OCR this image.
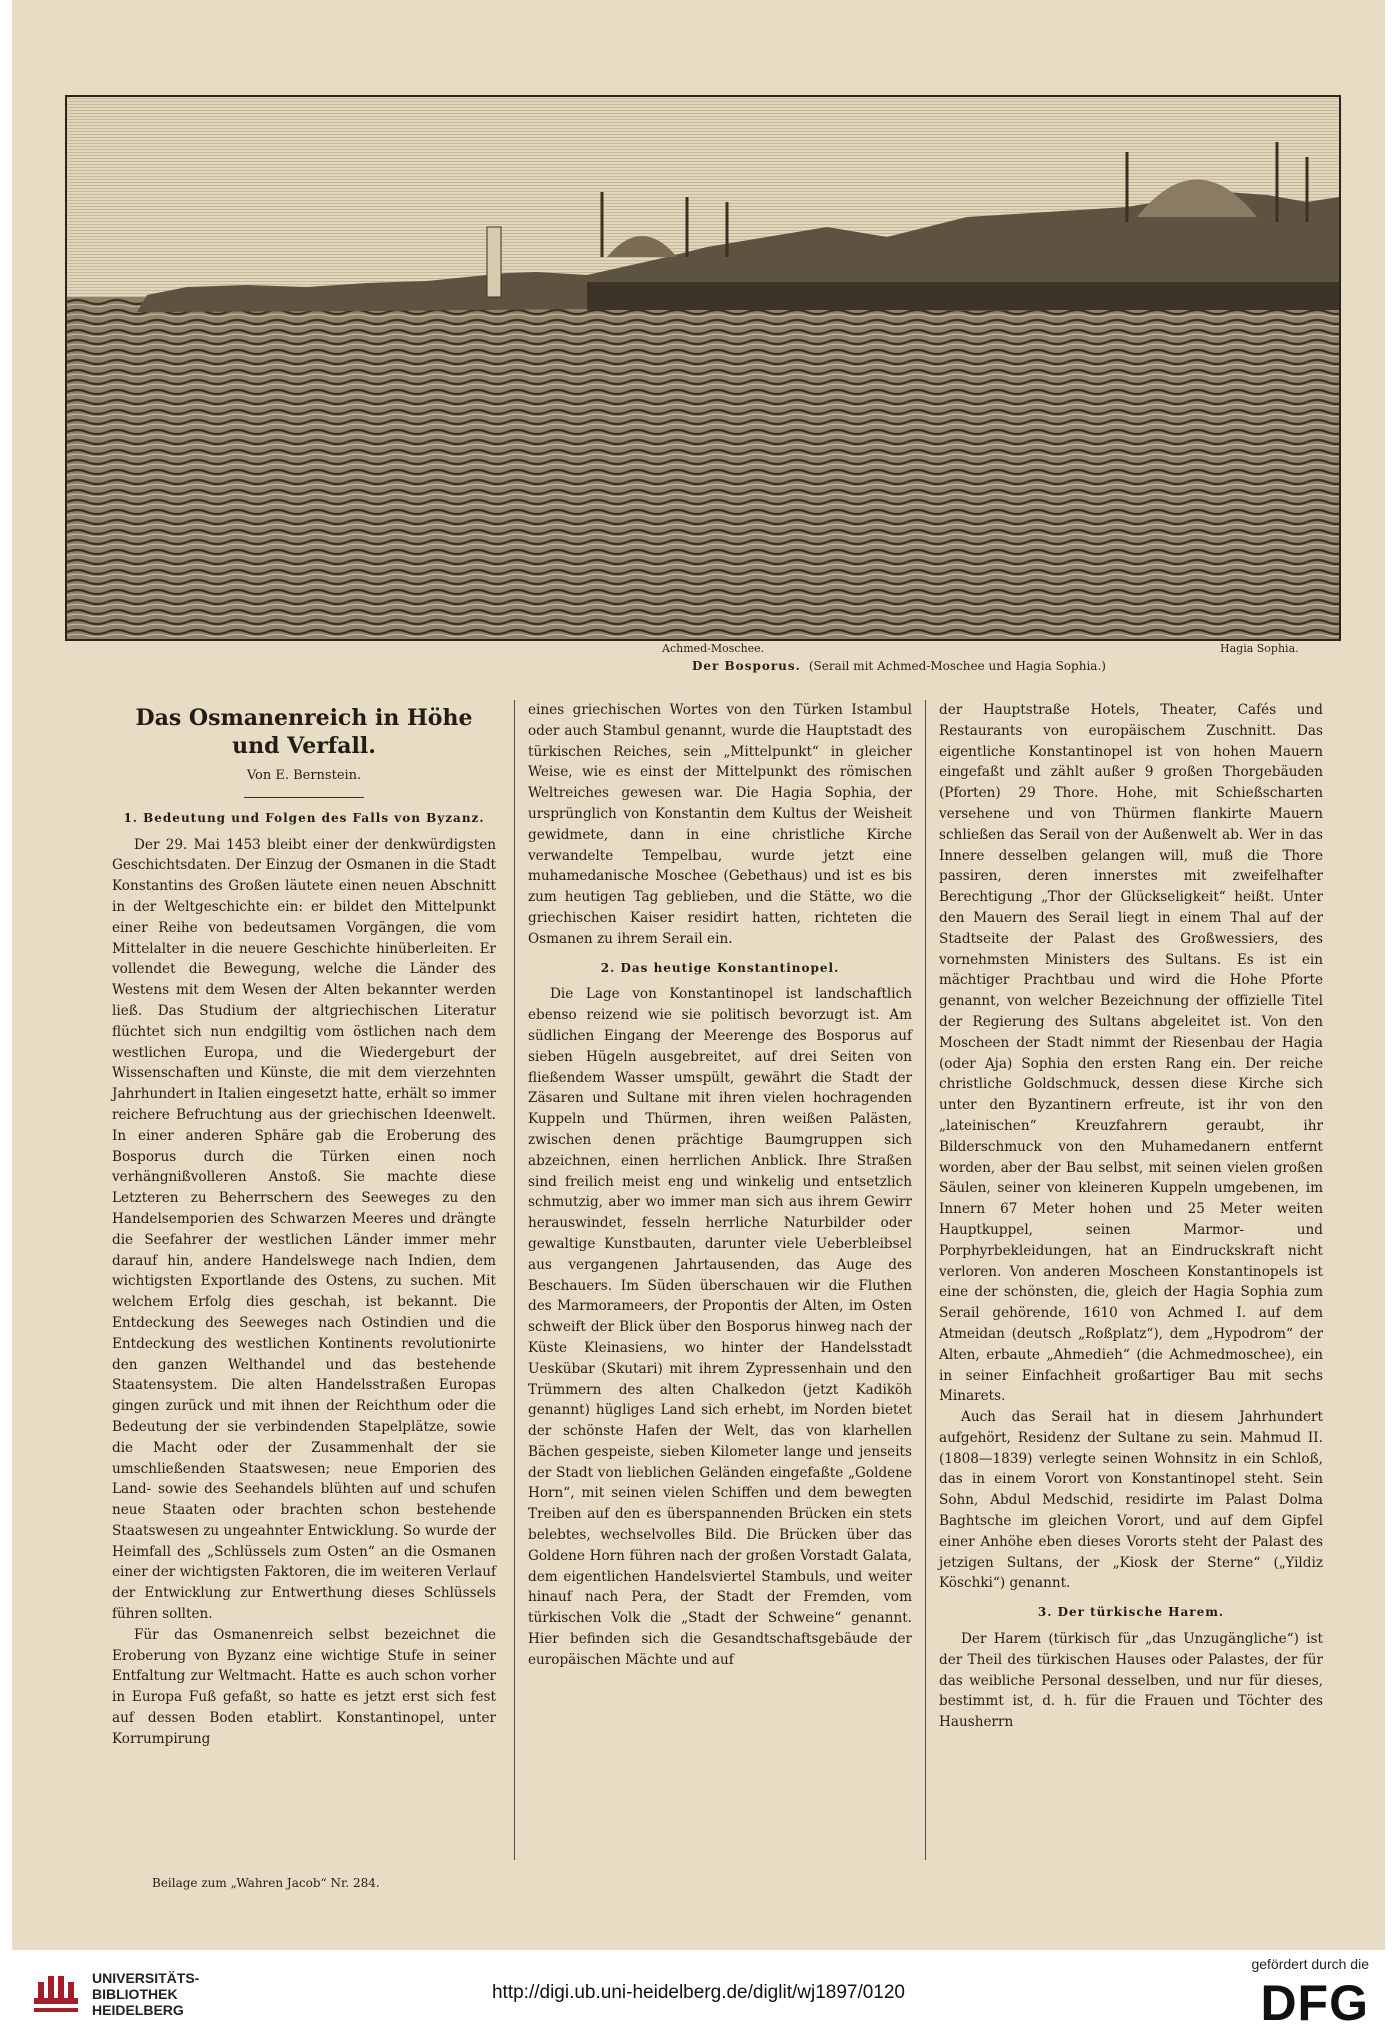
Achmed-Moschee.	Hagia Sophia.
Der Bosporus. (Serail mit Achmed-Moschee und Hagia Sophia.)
Das Osmanenreich in Höhe und Verfall.
Von E. Bernstein.
1. Bedeutung und Folgen des Falls von Byzanz.

Der 29. Mai 1453 bleibt einer der denkwürdigsten Geschichtsdaten. Der Einzug der Osmanen in die Stadt Konstantins des Großen läutete einen neuen Abschnitt in der Weltgeschichte ein: er bildet den Mittelpunkt einer Reihe von bedeutsamen Vorgängen, die vom Mittelalter in die neuere Geschichte hinüberleiten. Er vollendet die Bewegung, welche die Länder des Westens mit dem Wesen der Alten bekannter werden ließ. Das Studium der altgriechischen Literatur flüchtet sich nun endgiltig vom östlichen nach dem westlichen Europa, und die Wiedergeburt der Wissenschaften und Künste, die mit dem vierzehnten Jahrhundert in Italien eingesetzt hatte, erhält so immer reichere Befruchtung aus der griechischen Ideenwelt. In einer anderen Sphäre gab die Eroberung des Bosporus durch die Türken einen noch verhängnißvolleren Anstoß. Sie machte diese Letzteren zu Beherrschern des Seeweges zu den Handelsemporien des Schwarzen Meeres und drängte die Seefahrer der westlichen Länder immer mehr darauf hin, andere Handelswege nach Indien, dem wichtigsten Exportlande des Ostens, zu suchen. Mit welchem Erfolg dies geschah, ist bekannt. Die Entdeckung des Seeweges nach Ostindien und die Entdeckung des westlichen Kontinents revolutionirte den ganzen Welthandel und das bestehende Staatensystem. Die alten Handelsstraßen Europas gingen zurück und mit ihnen der Reichthum oder die Bedeutung der sie verbindenden Stapelplätze, sowie die Macht oder der Zusammenhalt der sie umschließenden Staatswesen; neue Emporien des Land- sowie des Seehandels blühten auf und schufen neue Staaten oder brachten schon bestehende Staatswesen zu ungeahnter Entwicklung. So wurde der Heimfall des „Schlüssels zum Osten“ an die Osmanen einer der wichtigsten Faktoren, die im weiteren Verlauf der Entwicklung zur Entwerthung dieses Schlüssels führen sollten.

Für das Osmanenreich selbst bezeichnet die Eroberung von Byzanz eine wichtige Stufe in seiner Entfaltung zur Weltmacht. Hatte es auch schon vorher in Europa Fuß gefaßt, so hatte es jetzt erst sich fest auf dessen Boden etablirt. Konstantinopel, unter Korrumpirung

eines griechischen Wortes von den Türken Istambul oder auch Stambul genannt, wurde die Hauptstadt des türkischen Reiches, sein „Mittelpunkt“ in gleicher Weise, wie es einst der Mittelpunkt des römischen Weltreiches gewesen war. Die Hagia Sophia, der ursprünglich von Konstantin dem Kultus der Weisheit gewidmete, dann in eine christliche Kirche verwandelte Tempelbau, wurde jetzt eine muhamedanische Moschee (Gebethaus) und ist es bis zum heutigen Tag geblieben, und die Stätte, wo die griechischen Kaiser residirt hatten, richteten die Osmanen zu ihrem Serail ein.

2. Das heutige Konstantinopel.

Die Lage von Konstantinopel ist landschaftlich ebenso reizend wie sie politisch bevorzugt ist. Am südlichen Eingang der Meerenge des Bosporus auf sieben Hügeln ausgebreitet, auf drei Seiten von fließendem Wasser umspült, gewährt die Stadt der Zäsaren und Sultane mit ihren vielen hochragenden Kuppeln und Thürmen, ihren weißen Palästen, zwischen denen prächtige Baumgruppen sich abzeichnen, einen herrlichen Anblick. Ihre Straßen sind freilich meist eng und winkelig und entsetzlich schmutzig, aber wo immer man sich aus ihrem Gewirr herauswindet, fesseln herrliche Naturbilder oder gewaltige Kunstbauten, darunter viele Ueberbleibsel aus vergangenen Jahrtausenden, das Auge des Beschauers. Im Süden überschauen wir die Fluthen des Marmorameers, der Propontis der Alten, im Osten schweift der Blick über den Bosporus hinweg nach der Küste Kleinasiens, wo hinter der Handelsstadt Ueskübar (Skutari) mit ihrem Zypressenhain und den Trümmern des alten Chalkedon (jetzt Kadiköh genannt) hügliges Land sich erhebt, im Norden bietet der schönste Hafen der Welt, das von klarhellen Bächen gespeiste, sieben Kilometer lange und jenseits der Stadt von lieblichen Geländen eingefaßte „Goldene Horn“, mit seinen vielen Schiffen und dem bewegten Treiben auf den es überspannenden Brücken ein stets belebtes, wechselvolles Bild. Die Brücken über das Goldene Horn führen nach der großen Vorstadt Galata, dem eigentlichen Handelsviertel Stambuls, und weiter hinauf nach Pera, der Stadt der Fremden, vom türkischen Volk die „Stadt der Schweine“ genannt. Hier befinden sich die Gesandtschaftsgebäude der europäischen Mächte und auf

der Hauptstraße Hotels, Theater, Cafés und Restaurants von europäischem Zuschnitt. Das eigentliche Konstantinopel ist von hohen Mauern eingefaßt und zählt außer 9 großen Thorgebäuden (Pforten) 29 Thore. Hohe, mit Schießscharten versehene und von Thürmen flankirte Mauern schließen das Serail von der Außenwelt ab. Wer in das Innere desselben gelangen will, muß die Thore passiren, deren innerstes mit zweifelhafter Berechtigung „Thor der Glückseligkeit“ heißt. Unter den Mauern des Serail liegt in einem Thal auf der Stadtseite der Palast des Großwessiers, des vornehmsten Ministers des Sultans. Es ist ein mächtiger Prachtbau und wird die Hohe Pforte genannt, von welcher Bezeichnung der offizielle Titel der Regierung des Sultans abgeleitet ist. Von den Moscheen der Stadt nimmt der Riesenbau der Hagia (oder Aja) Sophia den ersten Rang ein. Der reiche christliche Goldschmuck, dessen diese Kirche sich unter den Byzantinern erfreute, ist ihr von den „lateinischen“ Kreuzfahrern geraubt, ihr Bilderschmuck von den Muhamedanern entfernt worden, aber der Bau selbst, mit seinen vielen großen Säulen, seiner von kleineren Kuppeln umgebenen, im Innern 67 Meter hohen und 25 Meter weiten Hauptkuppel, seinen Marmor- und Porphyrbekleidungen, hat an Eindruckskraft nicht verloren. Von anderen Moscheen Konstantinopels ist eine der schönsten, die, gleich der Hagia Sophia zum Serail gehörende, 1610 von Achmed I. auf dem Atmeidan (deutsch „Roßplatz“), dem „Hypodrom“ der Alten, erbaute „Ahmedieh“ (die Achmedmoschee), ein in seiner Einfachheit großartiger Bau mit sechs Minarets.

Auch das Serail hat in diesem Jahrhundert aufgehört, Residenz der Sultane zu sein. Mahmud II. (1808—1839) verlegte seinen Wohnsitz in ein Schloß, das in einem Vorort von Konstantinopel steht. Sein Sohn, Abdul Medschid, residirte im Palast Dolma Baghtsche im gleichen Vorort, und auf dem Gipfel einer Anhöhe eben dieses Vororts steht der Palast des jetzigen Sultans, der „Kiosk der Sterne“ („Yildiz Köschki“) genannt.

3. Der türkische Harem.

Der Harem (türkisch für „das Unzugängliche“) ist der Theil des türkischen Hauses oder Palastes, der für das weibliche Personal desselben, und nur für dieses, bestimmt ist, d. h. für die Frauen und Töchter des Hausherrn

Beilage zum „Wahren Jacob“ Nr. 284.
UNIVERSITÄTS-
BIBLIOTHEK
HEIDELBERG
http://digi.ub.uni-heidelberg.de/diglit/wj1897/0120
gefördert durch die
DFG
